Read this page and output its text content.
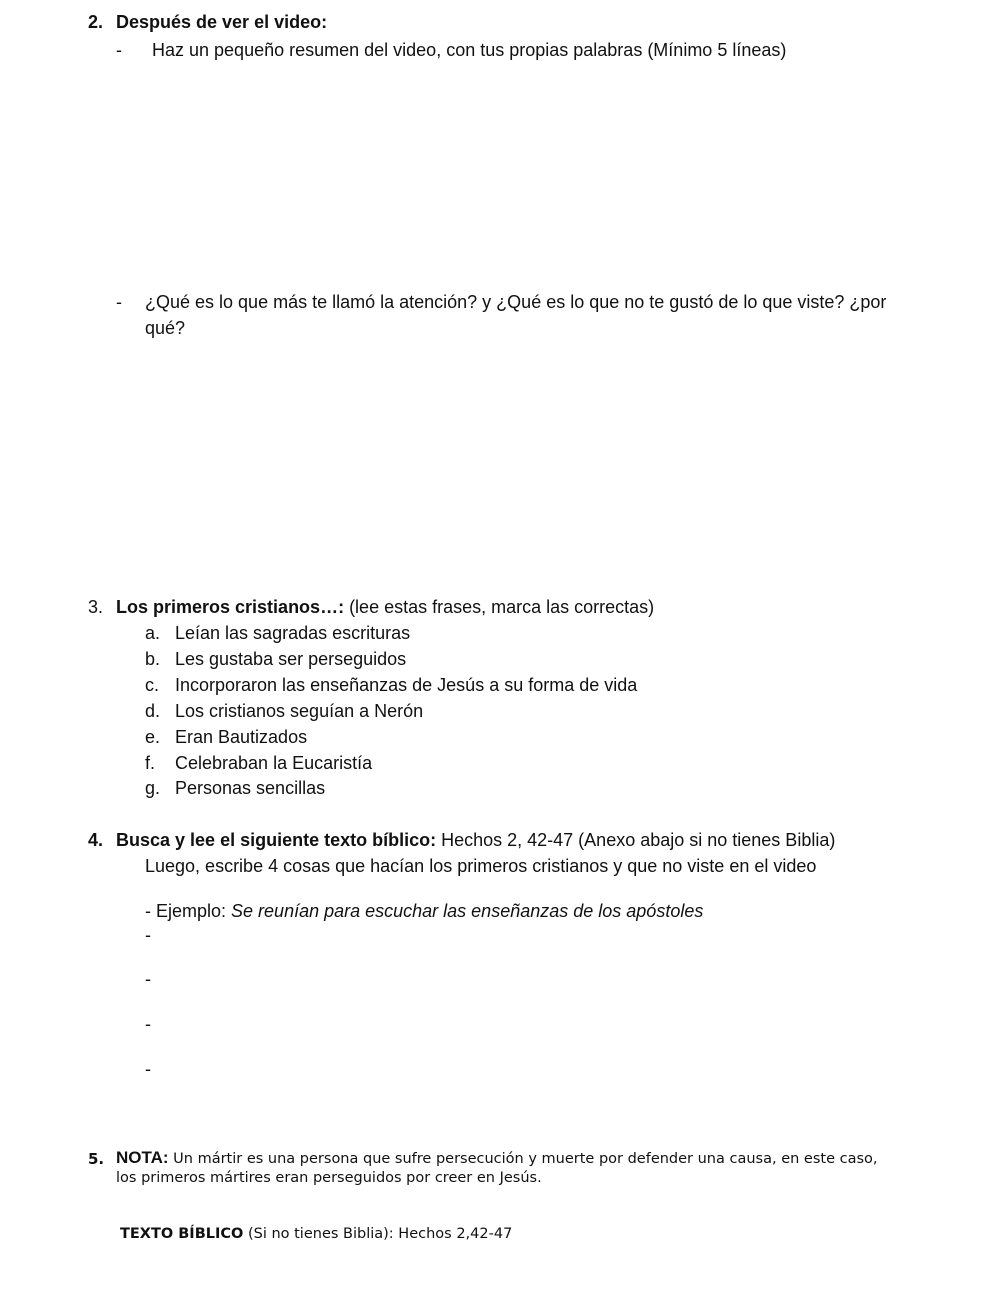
2. Después de ver el video:
- Haz un pequeño resumen del video, con tus propias palabras (Mínimo 5 líneas)
- ¿Qué es lo que más te llamó la atención? y ¿Qué es lo que no te gustó de lo que viste? ¿por
qué?
3. Los primeros cristianos…: (lee estas frases, marca las correctas)
a. Leían las sagradas escrituras
b. Les gustaba ser perseguidos
c. Incorporaron las enseñanzas de Jesús a su forma de vida
d. Los cristianos seguían a Nerón
e. Eran Bautizados
f. Celebraban la Eucaristía
g. Personas sencillas
4. Busca y lee el siguiente texto bíblico: Hechos 2, 42-47 (Anexo abajo si no tienes Biblia)
Luego, escribe 4 cosas que hacían los primeros cristianos y que no viste en el video
- Ejemplo: Se reunían para escuchar las enseñanzas de los apóstoles
-
-
-
-
5. NOTA: Un mártir es una persona que sufre persecución y muerte por defender una causa, en este caso,
los primeros mártires eran perseguidos por creer en Jesús.
TEXTO BÍBLICO (Si no tienes Biblia): Hechos 2,42-47
